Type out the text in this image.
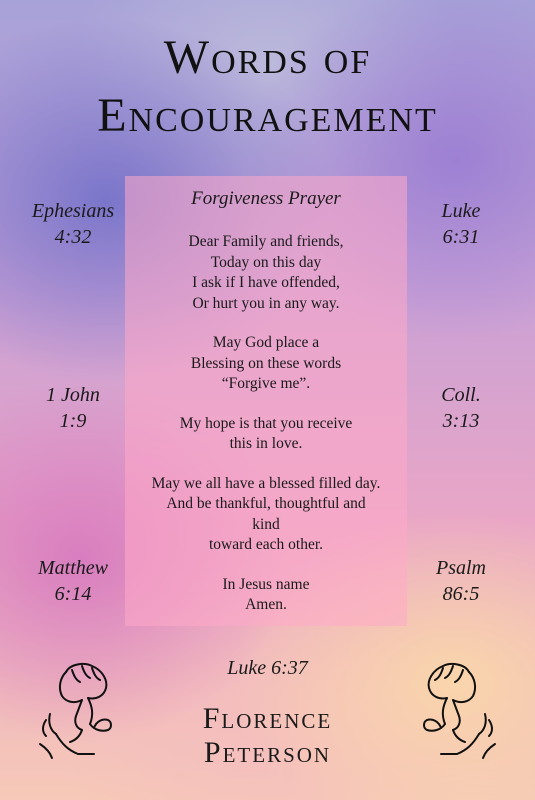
Words of
Encouragement
Forgiveness Prayer
Dear Family and friends,
Today on this day
I ask if I have offended,
Or hurt you in any way.
May God place a
Blessing on these words
“Forgive me”.
My hope is that you receive
this in love.
May we all have a blessed filled day.
And be thankful, thoughtful and
kind
toward each other.
In Jesus name
Amen.
Ephesians
4:32
1 John
1:9
Matthew
6:14
Luke
6:31
Coll.
3:13
Psalm
86:5
Luke 6:37
Florence
Peterson
